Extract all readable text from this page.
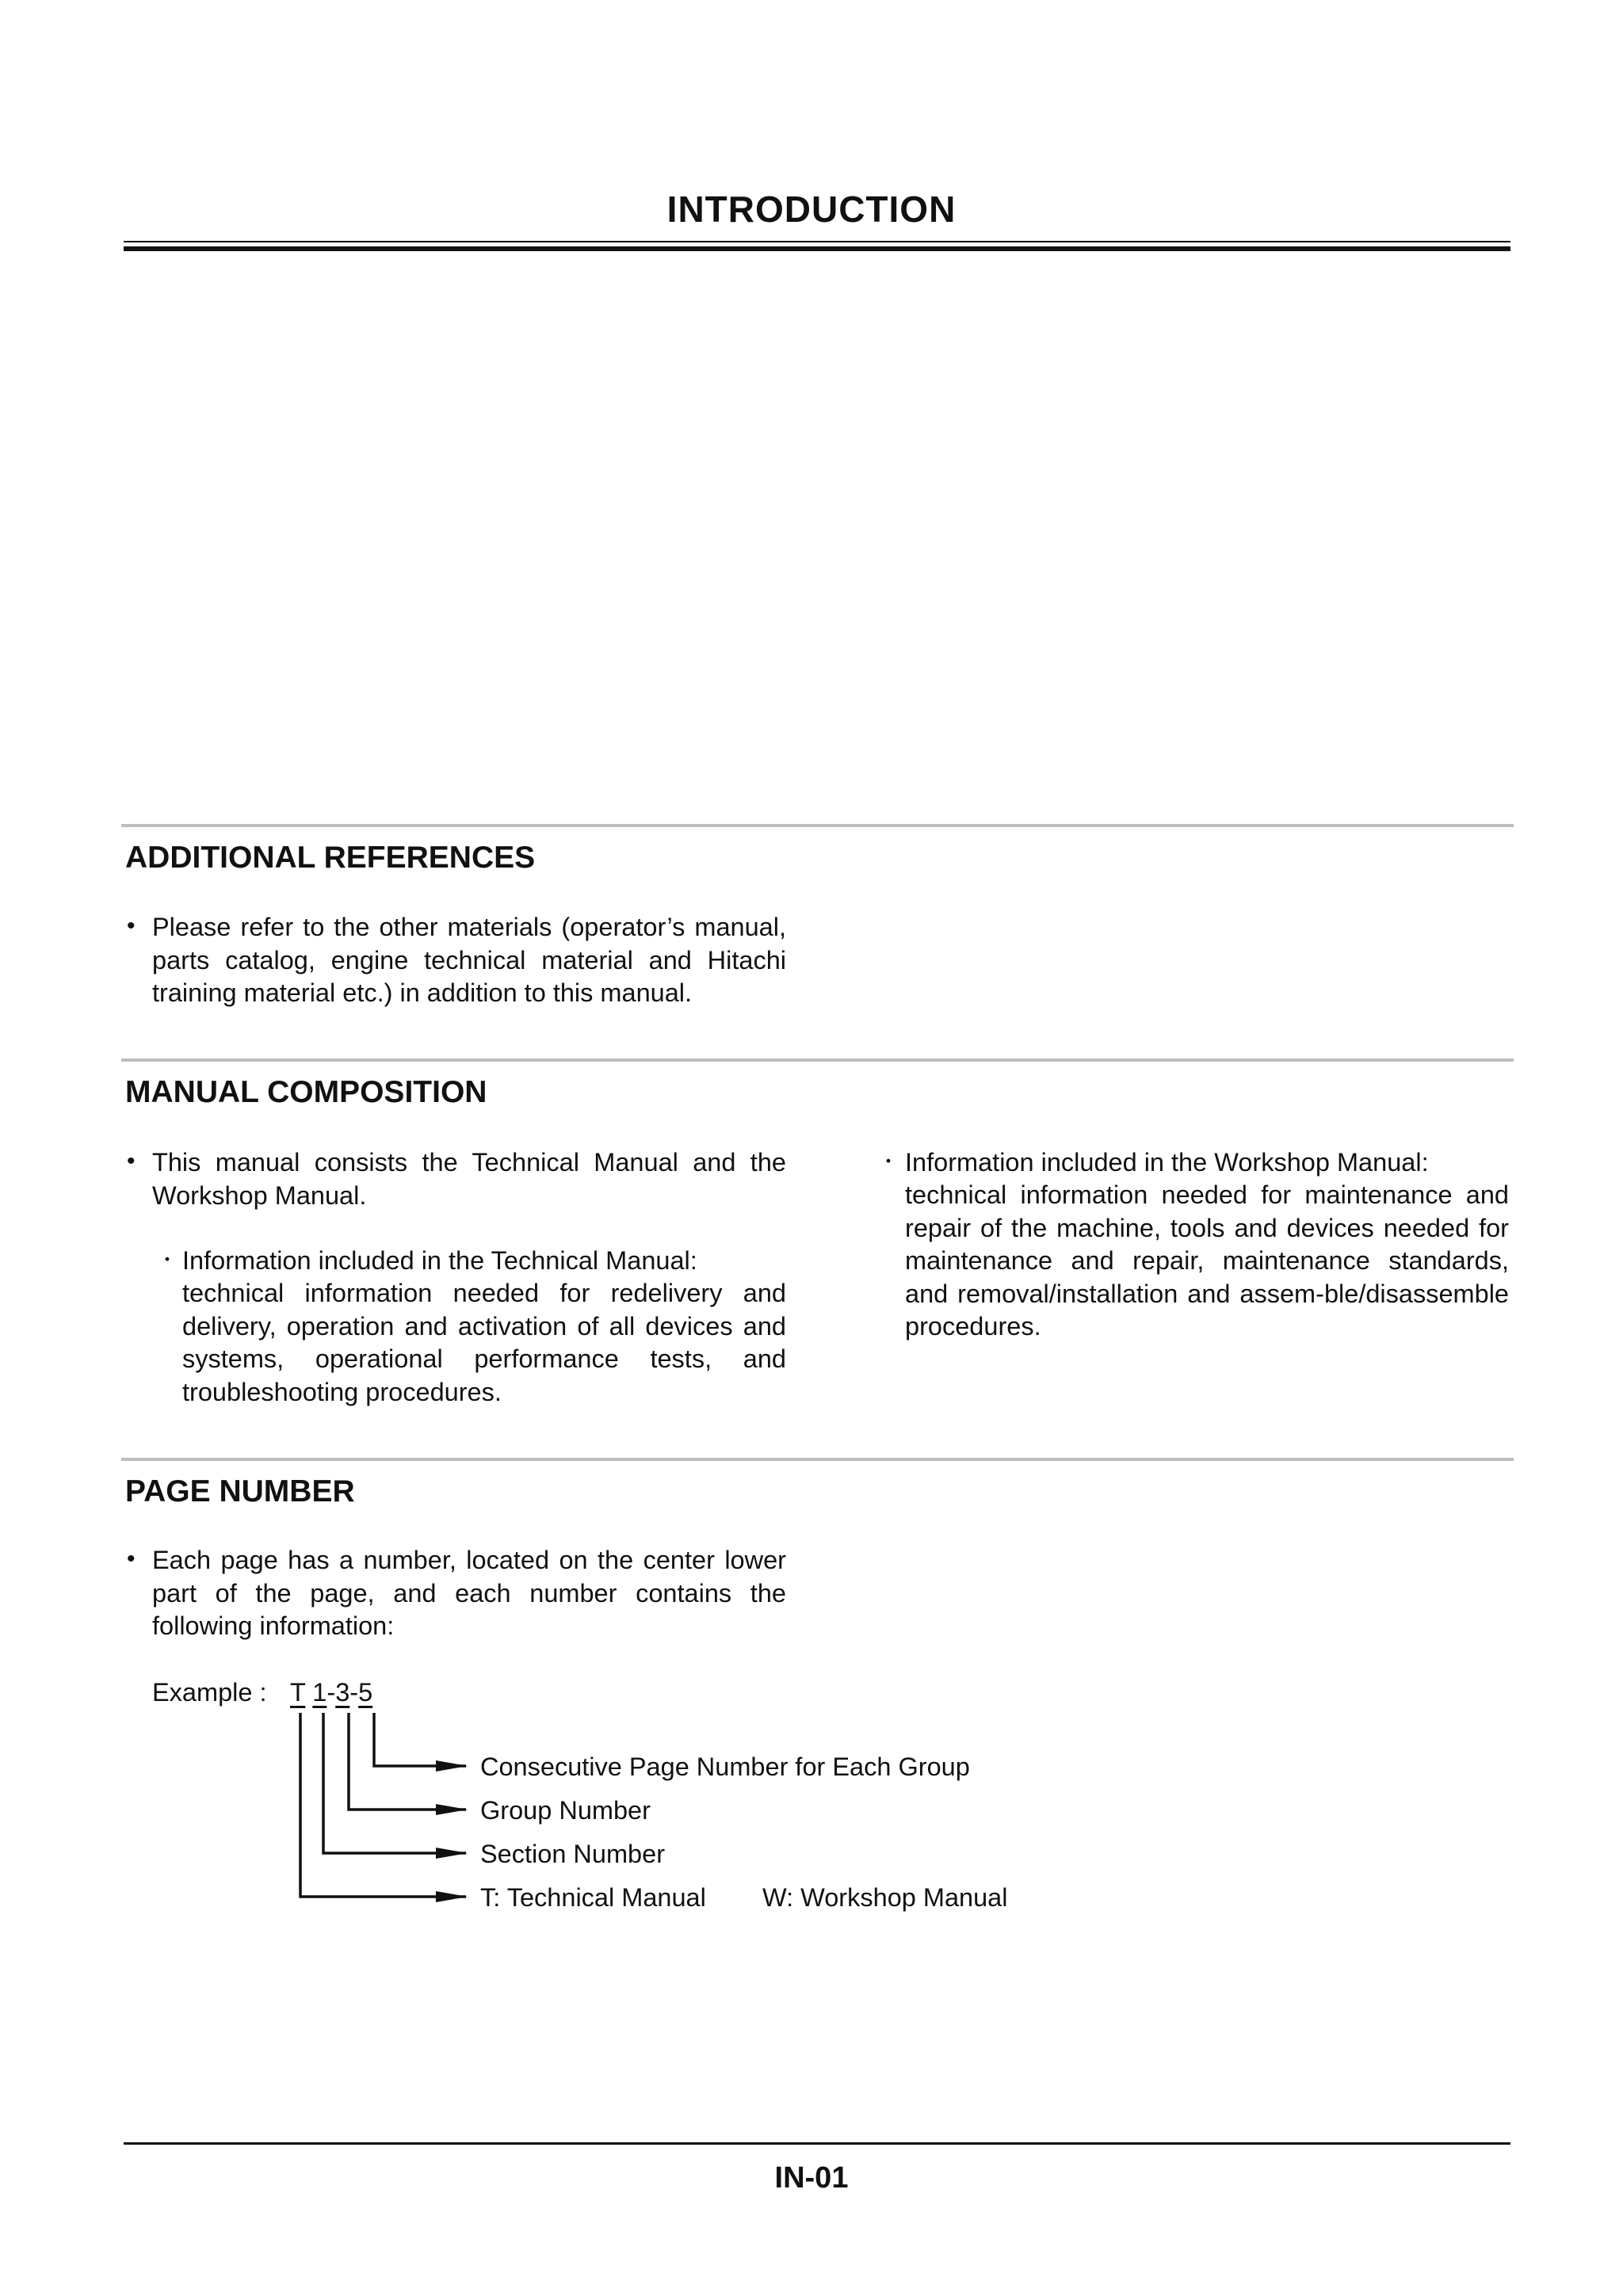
INTRODUCTION
ADDITIONAL REFERENCES
• Please refer to the other materials (operator’s manual, parts catalog, engine technical material and Hitachi training material etc.) in addition to this manual.
MANUAL COMPOSITION
• This manual consists the Technical Manual and the Workshop Manual.
・ Information included in the Technical Manual:
technical information needed for redelivery and delivery, operation and activation of all devices and systems, operational performance tests, and troubleshooting procedures.
・ Information included in the Workshop Manual:
technical information needed for maintenance and repair of the machine, tools and devices needed for maintenance and repair, maintenance standards, and removal/installation and assem-ble/disassemble procedures.
PAGE NUMBER
• Each page has a number, located on the center lower part of the page, and each number contains the following information:
Example : T 1-3-5
Consecutive Page Number for Each Group
Group Number
Section Number
T: Technical Manual W: Workshop Manual
IN-01
